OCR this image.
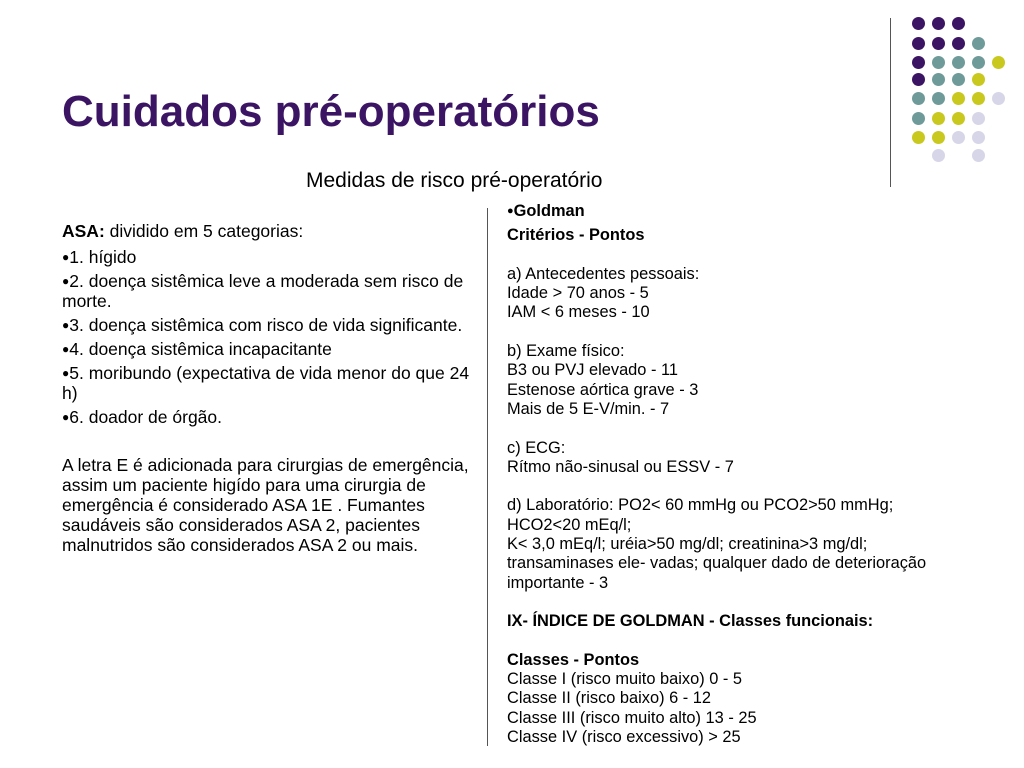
Cuidados pré-operatórios
Medidas de risco pré-operatório
ASA: dividido em 5 categorias:
●1. hígido
●2. doença sistêmica leve a moderada sem risco de morte.
●3. doença sistêmica com risco de vida significante.
●4. doença sistêmica incapacitante
●5. moribundo (expectativa de vida menor do que 24 h)
●6. doador de órgão.
A letra E é adicionada para cirurgias de emergência, assim um paciente higído para uma cirurgia de emergência é considerado ASA 1E . Fumantes saudáveis são considerados ASA 2, pacientes malnutridos são considerados ASA 2 ou mais.
●Goldman
Critérios - Pontos
a) Antecedentes pessoais:
Idade > 70 anos - 5
IAM < 6 meses - 10
b) Exame físico:
B3 ou PVJ elevado - 11
Estenose aórtica grave - 3
Mais de 5 E-V/min. - 7
c) ECG:
Rítmo não-sinusal ou ESSV - 7
d) Laboratório: PO2< 60 mmHg ou PCO2>50 mmHg;
HCO2<20 mEq/l;
K< 3,0 mEq/l; uréia>50 mg/dl; creatinina>3 mg/dl;
transaminases ele- vadas; qualquer dado de deterioração
importante - 3
IX- ÍNDICE DE GOLDMAN - Classes funcionais:
Classes - Pontos
Classe I (risco muito baixo) 0 - 5
Classe II (risco baixo) 6 - 12
Classe III (risco muito alto) 13 - 25
Classe IV (risco excessivo) > 25
